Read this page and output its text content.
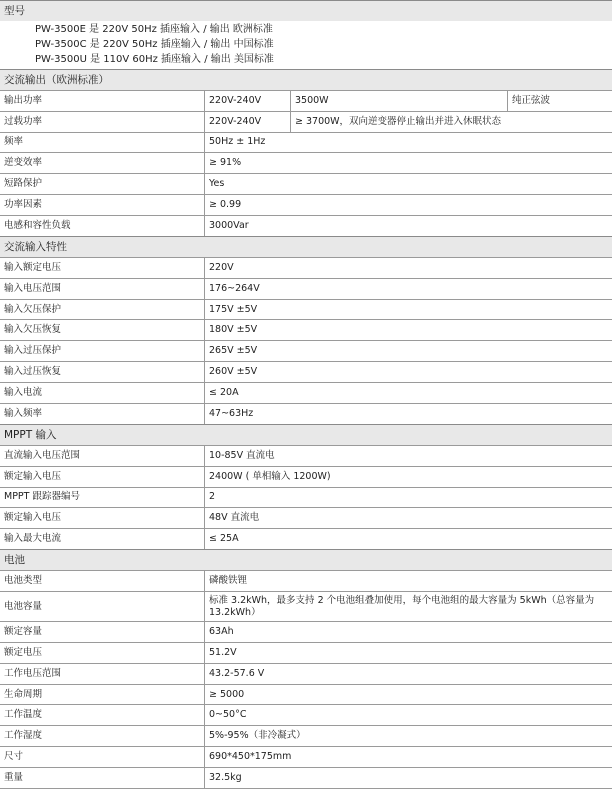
型号
PW-3500E 是 220V 50Hz 插座输入 / 输出 欧洲标准
PW-3500C 是 220V 50Hz 插座输入 / 输出 中国标准
PW-3500U 是 110V 60Hz 插座输入 / 输出 美国标准
交流输出（欧洲标准）
输出功率	220V-240V	3500W	纯正弦波
过载功率	220V-240V	≥ 3700W，双向逆变器停止输出并进入休眠状态	
频率	50Hz ± 1Hz		
逆变效率	≥ 91%		
短路保护	Yes		
功率因素	≥ 0.99		
电感和容性负载	3000Var		
交流输入特性
输入额定电压	220V
输入电压范围	176~264V
输入欠压保护	175V ±5V
输入欠压恢复	180V ±5V
输入过压保护	265V ±5V
输入过压恢复	260V ±5V
输入电流	≤ 20A
输入频率	47~63Hz
MPPT 输入
直流输入电压范围	10-85V 直流电
额定输入电压	2400W ( 单相输入 1200W)
MPPT 跟踪器编号	2
额定输入电压	48V 直流电
输入最大电流	≤ 25A
电池
电池类型	磷酸铁锂
电池容量	标准 3.2kWh，最多支持 2 个电池组叠加使用，每个电池组的最大容量为 5kWh（总容量为 13.2kWh）
额定容量	63Ah
额定电压	51.2V
工作电压范围	43.2-57.6 V
生命周期	≥ 5000
工作温度	0~50°C
工作湿度	5%-95%（非冷凝式）
尺寸	690*450*175mm
重量	32.5kg
